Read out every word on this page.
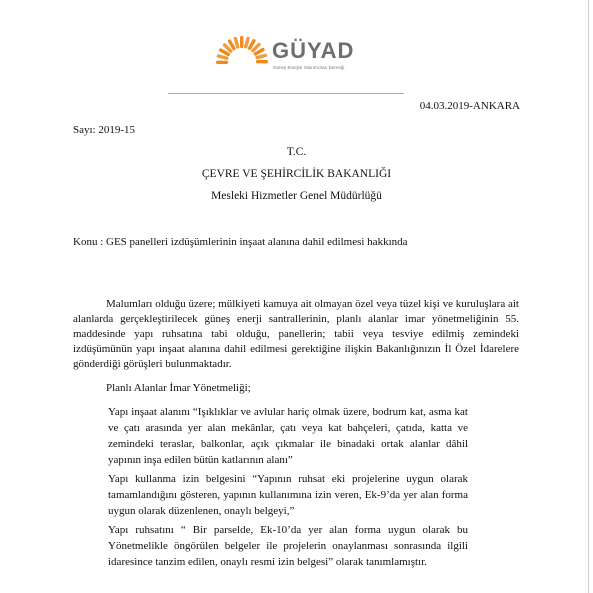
GÜYAD
Güneş Enerjisi Yatırımcıları Derneği
04.03.2019-ANKARA
Sayı: 2019-15
T.C.
ÇEVRE VE ŞEHİRCİLİK BAKANLIĞI
Mesleki Hizmetler Genel Müdürlüğü
Konu : GES panelleri izdüşümlerinin inşaat alanına dahil edilmesi hakkında

Malumları olduğu üzere; mülkiyeti kamuya ait olmayan özel veya tüzel kişi ve kuruluşlara ait alanlarda gerçekleştirilecek güneş enerji santrallerinin, planlı alanlar imar yönetmeliğinin 55. maddesinde yapı ruhsatına tabi olduğu, panellerin; tabii veya tesviye edilmiş zemindeki izdüşümünün yapı inşaat alanına dahil edilmesi gerektiğine ilişkin Bakanlığınızın İl Özel İdarelere gönderdiği görüşleri bulunmaktadır.

Planlı Alanlar İmar Yönetmeliği;

Yapı inşaat alanını “Işıklıklar ve avlular hariç olmak üzere, bodrum kat, asma kat ve çatı arasında yer alan mekânlar, çatı veya kat bahçeleri, çatıda, katta ve zemindeki teraslar, balkonlar, açık çıkmalar ile binadaki ortak alanlar dâhil yapının inşa edilen bütün katlarının alanı”

Yapı kullanma izin belgesini “Yapının ruhsat eki projelerine uygun olarak tamamlandığını gösteren, yapının kullanımına izin veren, Ek-9’da yer alan forma uygun olarak düzenlenen, onaylı belgeyi,”

Yapı ruhsatını “ Bir parselde, Ek-10’da yer alan forma uygun olarak bu Yönetmelikle öngörülen belgeler ile projelerin onaylanması sonrasında ilgili idaresince tanzim edilen, onaylı resmi izin belgesi” olarak tanımlamıştır.
